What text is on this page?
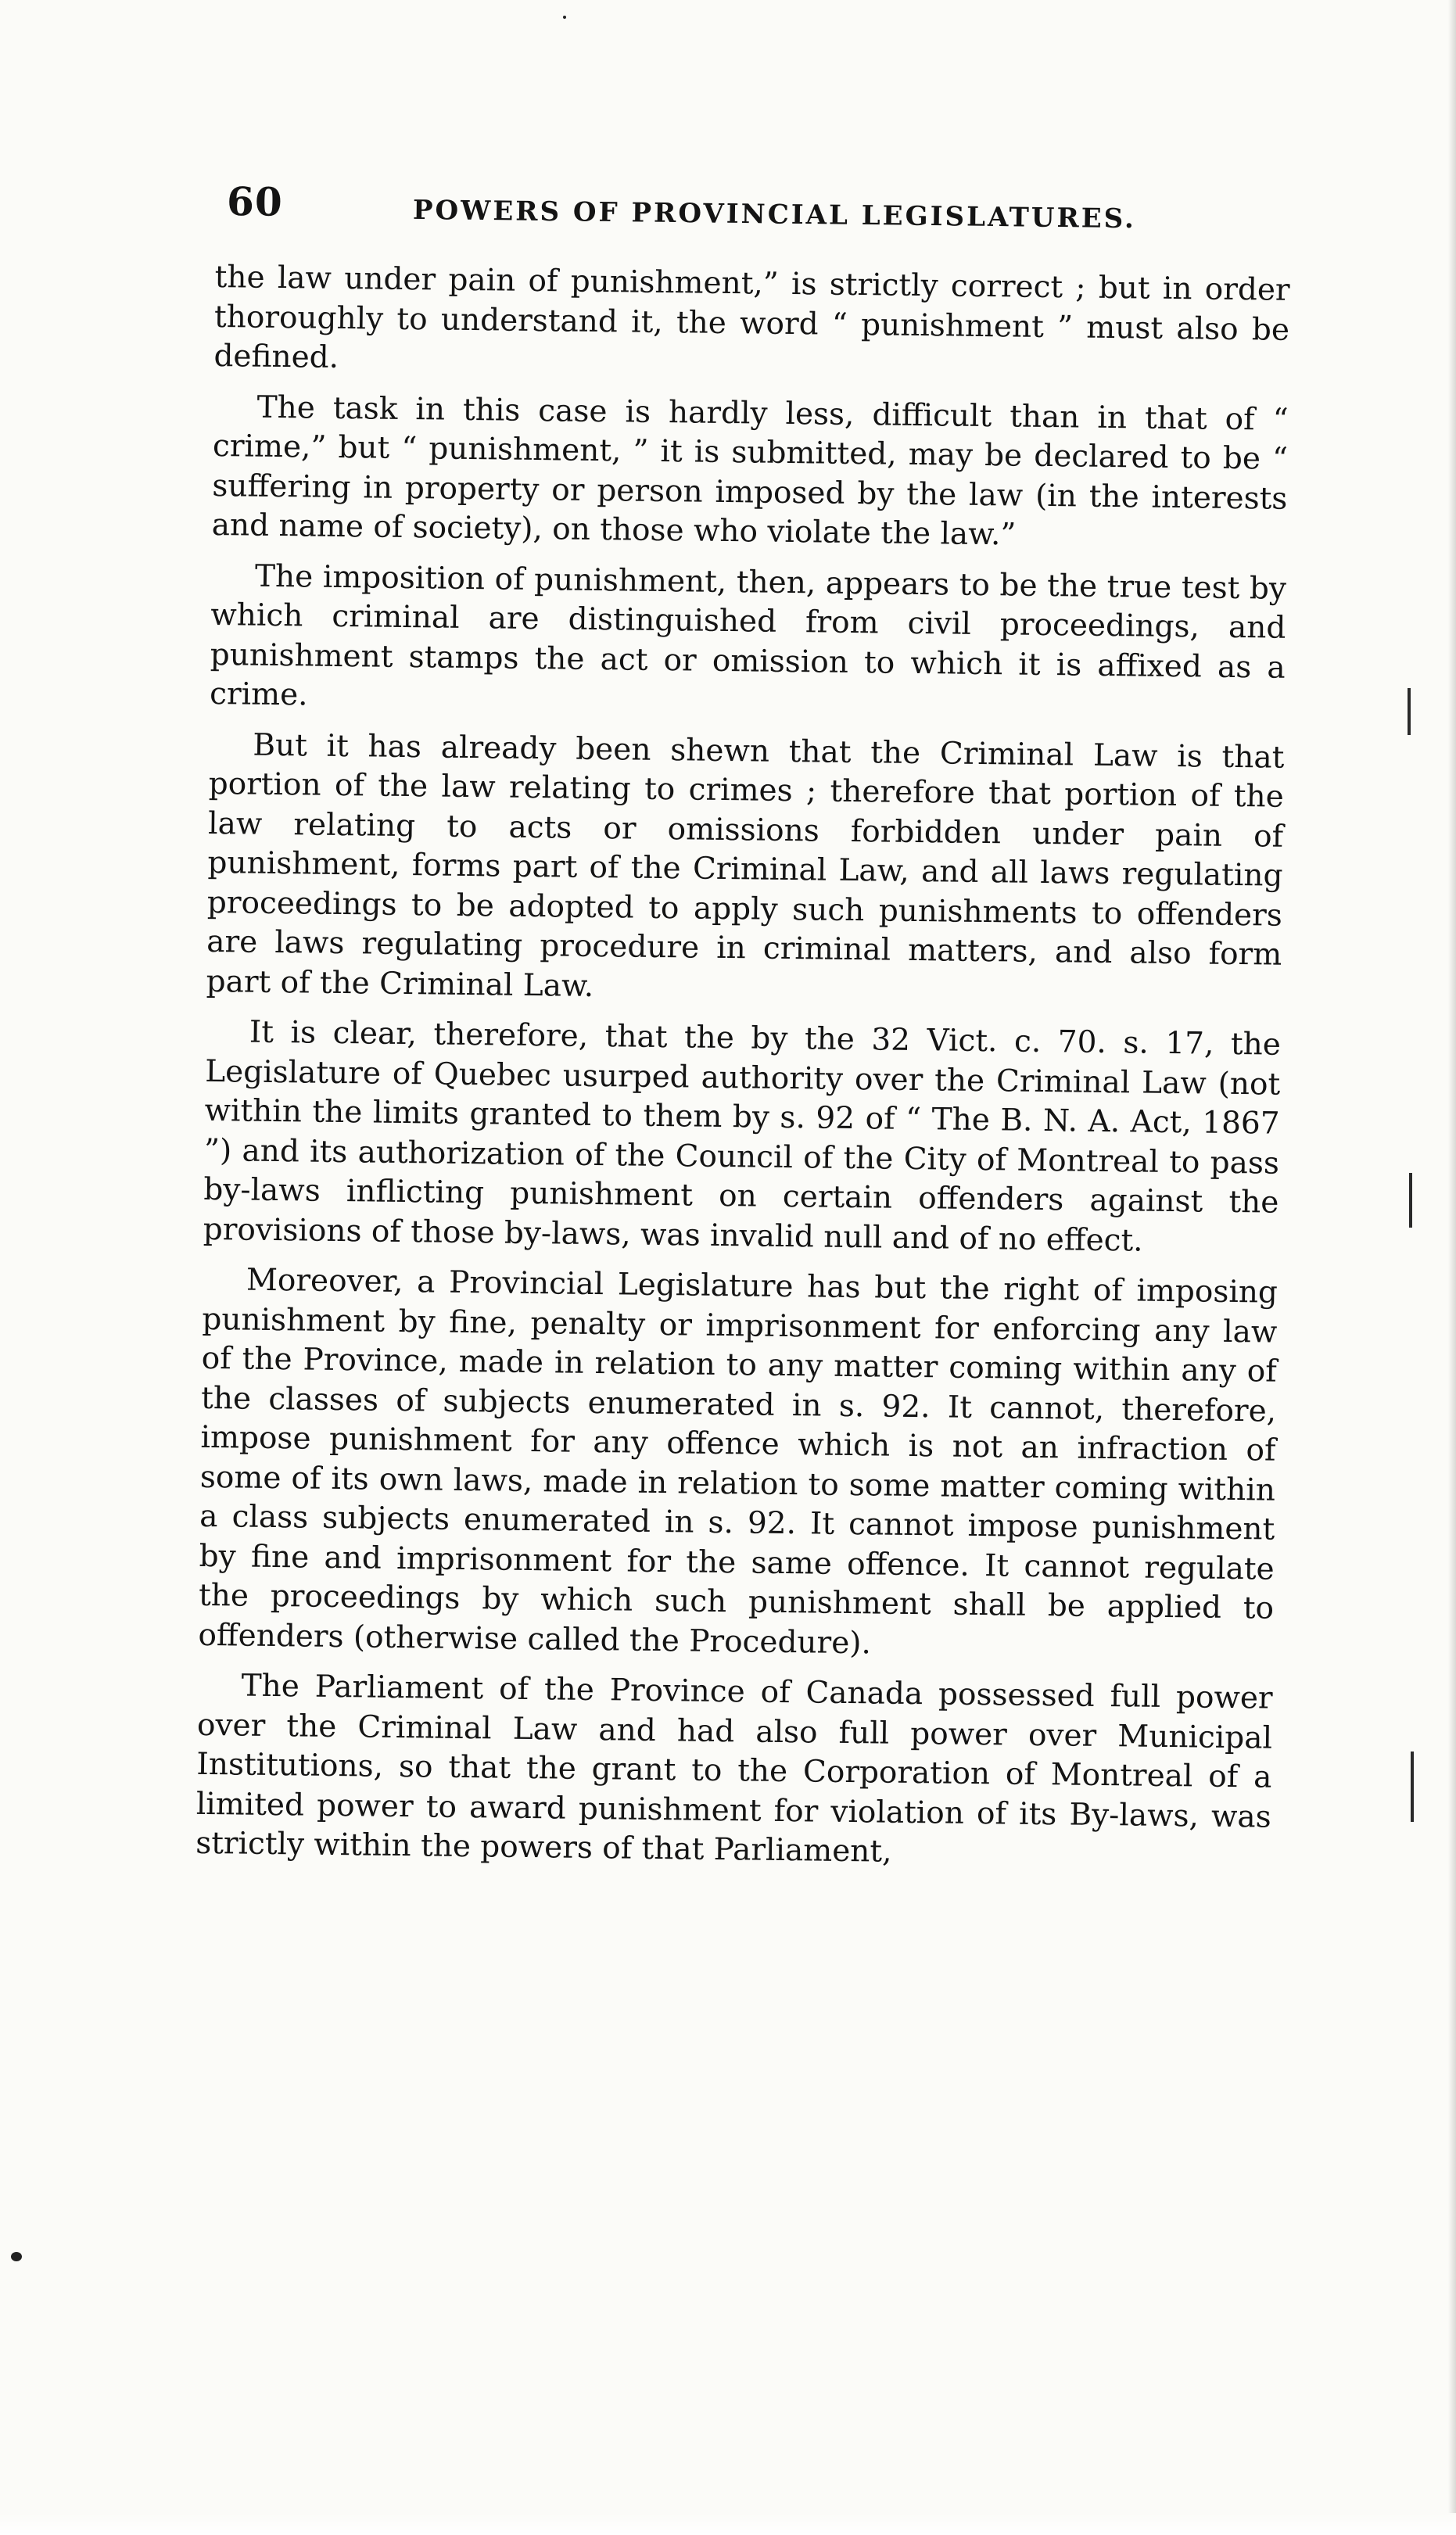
60	POWERS OF PROVINCIAL LEGISLATURES.

the law under pain of punishment,” is strictly correct ; but in order thoroughly to understand it, the word “ punishment ” must also be defined.

The task in this case is hardly less, difficult than in that of “ crime,” but “ punishment, ” it is submitted, may be declared to be “ suffering in property or person imposed by the law (in the interests and name of society), on those who violate the law.”

The imposition of punishment, then, appears to be the true test by which criminal are distinguished from civil proceedings, and punishment stamps the act or omission to which it is affixed as a crime.

But it has already been shewn that the Criminal Law is that portion of the law relating to crimes ; therefore that portion of the law relating to acts or omissions forbidden under pain of punishment, forms part of the Criminal Law, and all laws regulating proceedings to be adopted to apply such punishments to offenders are laws regulating procedure in criminal matters, and also form part of the Criminal Law.

It is clear, therefore, that the by the 32 Vict. c. 70. s. 17, the Legislature of Quebec usurped authority over the Criminal Law (not within the limits granted to them by s. 92 of “ The B. N. A. Act, 1867 ”) and its authorization of the Council of the City of Montreal to pass by-laws inflicting punishment on certain offenders against the provisions of those by-laws, was invalid null and of no effect.

Moreover, a Provincial Legislature has but the right of imposing punishment by fine, penalty or imprisonment for enforcing any law of the Province, made in relation to any matter coming within any of the classes of subjects enumerated in s. 92. It cannot, therefore, impose punishment for any offence which is not an infraction of some of its own laws, made in relation to some matter coming within a class subjects enumerated in s. 92. It cannot impose punishment by fine and imprisonment for the same offence. It cannot regulate the proceedings by which such punishment shall be applied to offenders (otherwise called the Procedure).

The Parliament of the Province of Canada possessed full power over the Criminal Law and had also full power over Municipal Institutions, so that the grant to the Corporation of Montreal of a limited power to award punishment for violation of its By-laws, was strictly within the powers of that Parliament,
